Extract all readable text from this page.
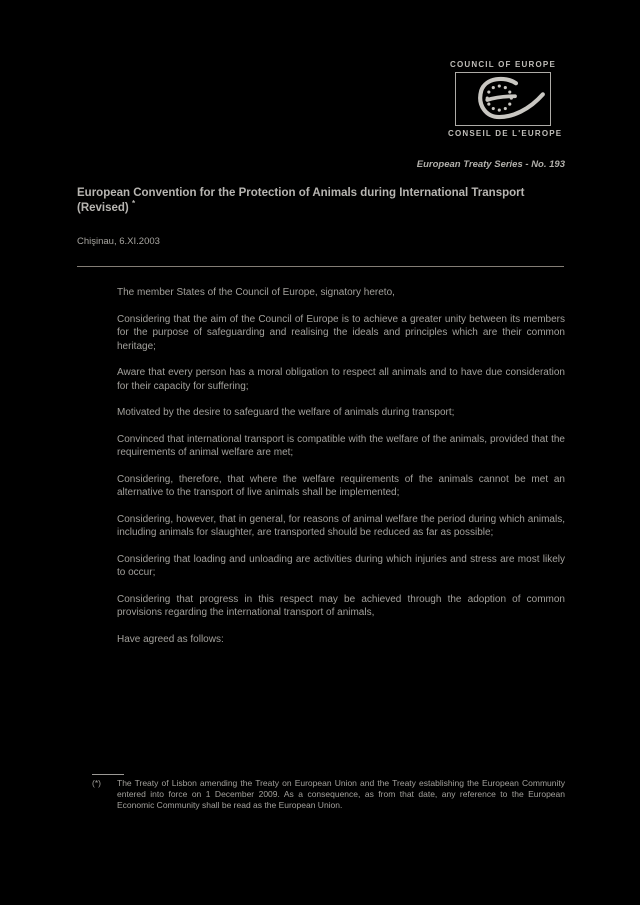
COUNCIL OF EUROPE
CONSEIL DE L'EUROPE
European Treaty Series - No. 193
European Convention for the Protection of Animals during International Transport (Revised) *
Chişinau, 6.XI.2003

The member States of the Council of Europe, signatory hereto,

Considering that the aim of the Council of Europe is to achieve a greater unity between its members for the purpose of safeguarding and realising the ideals and principles which are their common heritage;

Aware that every person has a moral obligation to respect all animals and to have due consideration for their capacity for suffering;

Motivated by the desire to safeguard the welfare of animals during transport;

Convinced that international transport is compatible with the welfare of the animals, provided that the requirements of animal welfare are met;

Considering, therefore, that where the welfare requirements of the animals cannot be met an alternative to the transport of live animals shall be implemented;

Considering, however, that in general, for reasons of animal welfare the period during which animals, including animals for slaughter, are transported should be reduced as far as possible;

Considering that loading and unloading are activities during which injuries and stress are most likely to occur;

Considering that progress in this respect may be achieved through the adoption of common provisions regarding the international transport of animals,

Have agreed as follows:

(*) The Treaty of Lisbon amending the Treaty on European Union and the Treaty establishing the European Community entered into force on 1 December 2009. As a consequence, as from that date, any reference to the European Economic Community shall be read as the European Union.
